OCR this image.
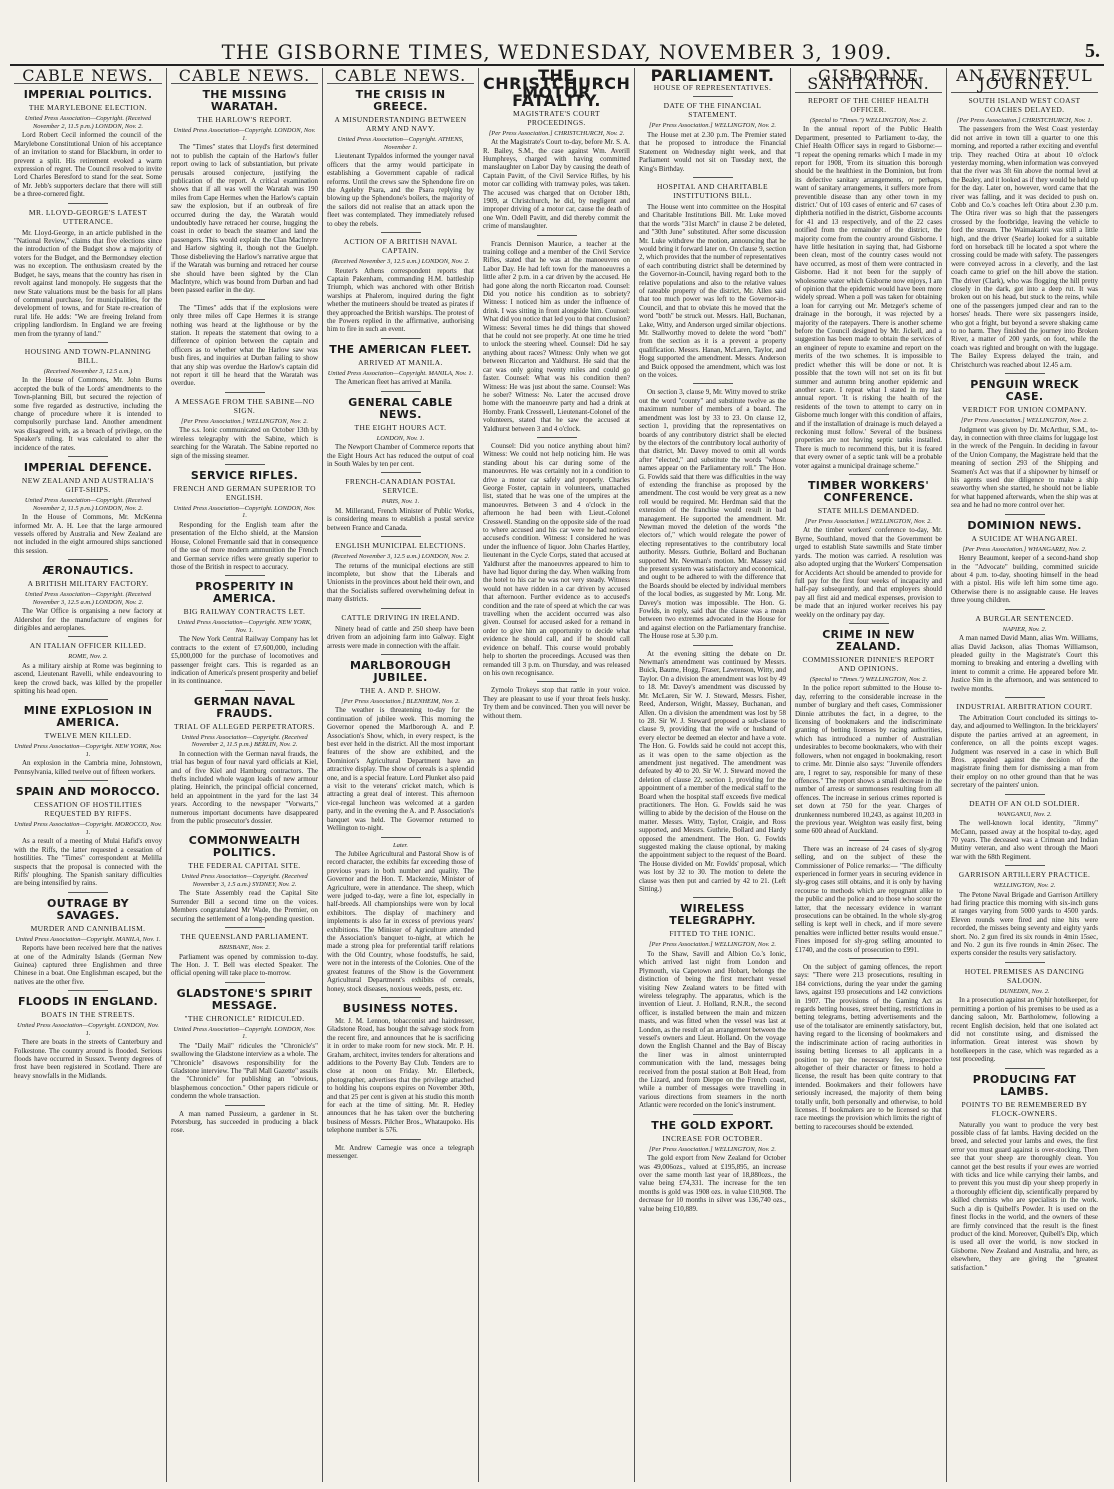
THE GISBORNE TIMES, WEDNESDAY, NOVEMBER 3, 1909.	5.
CABLE NEWS.
IMPERIAL POLITICS.
THE MARYLEBONE ELECTION.
United Press Association—Copyright. (Received November 2, 11.5 p.m.) LONDON, Nov. 2.
Lord Robert Cecil informed the council of the Marylebone Constitutional Union of his acceptance of an invitation to stand for Blackburn, in order to prevent a split. His retirement evoked a warm expression of regret. The Council resolved to invite Lord Charles Beresford to stand for the seat. Some of Mr. Jebb's supporters declare that there will still be a three-cornered fight.
MR. LLOYD-GEORGE'S LATEST UTTERANCE.
Mr. Lloyd-George, in an article published in the "National Review," claims that five elections since the introduction of the Budget show a majority of voters for the Budget, and the Bermondsey election was no exception. The enthusiasm created by the Budget, he says, means that the country has risen in revolt against land monopoly. He suggests that the new State valuations must be the basis for all plans of communal purchase, for municipalities, for the development of towns, and for State re-creation of rural life. He adds: "We are freeing Ireland from crippling landlordism. In England we are freeing men from the tyranny of land."
HOUSING AND TOWN-PLANNING BILL.
(Received November 3, 12.5 a.m.)
In the House of Commons, Mr. John Burns accepted the bulk of the Lords' amendments to the Town-planning Bill, but secured the rejection of some five regarded as destructive, including the change of procedure where it is intended to compulsorily purchase land. Another amendment was disagreed with, as a breach of privilege, on the Speaker's ruling. It was calculated to alter the incidence of the rates.
IMPERIAL DEFENCE.
NEW ZEALAND AND AUSTRALIA'S GIFT-SHIPS.
United Press Association—Copyright. (Received November 2, 11.5 p.m.) LONDON, Nov. 2.
In the House of Commons, Mr. McKenna informed Mr. A. H. Lee that the large armoured vessels offered by Australia and New Zealand are not included in the eight armoured ships sanctioned this session.
ÆRONAUTICS.
A BRITISH MILITARY FACTORY.
United Press Association—Copyright. (Received November 3, 12.5 a.m.) LONDON, Nov. 2.
The War Office is organising a new factory at Aldershot for the manufacture of engines for dirigibles and aeroplanes.
AN ITALIAN OFFICER KILLED.
ROME, Nov. 2.
As a military airship at Rome was beginning to ascend, Lieutenant Ravelli, while endeavouring to keep the crowd back, was killed by the propeller spitting his head open.
MINE EXPLOSION IN AMERICA.
TWELVE MEN KILLED.
United Press Association—Copyright. NEW YORK, Nov. 1.
An explosion in the Cambria mine, Johnstown, Pennsylvania, killed twelve out of fifteen workers.
SPAIN AND MOROCCO.
CESSATION OF HOSTILITIES REQUESTED BY RIFFS.
United Press Association—Copyright. MOROCCO, Nov. 1.
As a result of a meeting of Mulai Hafid's envoy with the Riffs, the latter requested a cessation of hostilities. The "Times" correspondent at Melilla suspects that the proposal is connected with the Riffs' ploughing. The Spanish sanitary difficulties are being intensified by rains.
OUTRAGE BY SAVAGES.
MURDER AND CANNIBALISM.
United Press Association—Copyright. MANILA, Nov. 1.
Reports have been received here that the natives at one of the Admiralty Islands (German New Guinea) captured three Englishmen and three Chinese in a boat. One Englishman escaped, but the natives ate the other five.
FLOODS IN ENGLAND.
BOATS IN THE STREETS.
United Press Association—Copyright. LONDON, Nov. 1.
There are boats in the streets of Canterbury and Folkestone. The country around is flooded. Serious floods have occurred in Sussex. Twenty degrees of frost have been registered in Scotland. There are heavy snowfalls in the Midlands.
CABLE NEWS.
THE MISSING WARATAH.
THE HARLOW'S REPORT.
United Press Association—Copyright. LONDON, Nov. 1.
The "Times" states that Lloyd's first determined not to publish the captain of the Harlow's fuller report owing to lack of substantiation, but private perusals aroused conjecture, justifying the publication of the report. A critical examination shows that if all was well the Waratah was 190 miles from Cape Hermes when the Harlow's captain saw the explosion, but if an outbreak of fire occurred during the day, the Waratah would undoubtedly have retraced her course, hugging the coast in order to beach the steamer and land the passengers. This would explain the Clan MacIntyre and Harlow sighting it, though not the Guelph. Those disbelieving the Harlow's narrative argue that if the Waratah was burning and retraced her course she should have been sighted by the Clan MacIntyre, which was bound from Durban and had been passed earlier in the day.
The "Times" adds that if the explosions were only three miles off Cape Hermes it is strange nothing was heard at the lighthouse or by the station. It repeats the statement that owing to a difference of opinion between the captain and officers as to whether what the Harlow saw was bush fires, and inquiries at Durban failing to show that any ship was overdue the Harlow's captain did not report it till he heard that the Waratah was overdue.
A MESSAGE FROM THE SABINE—NO SIGN.
[Per Press Association.] WELLINGTON, Nov. 2.
The s.s. Ionic communicated on October 13th by wireless telegraphy with the Sabine, which is searching for the Waratah. The Sabine reported no sign of the missing steamer.
SERVICE RIFLES.
FRENCH AND GERMAN SUPERIOR TO ENGLISH.
United Press Association—Copyright. LONDON, Nov. 1.
Responding for the English team after the presentation of the Elcho shield, at the Mansion House, Colonel Fremantle said that in consequence of the use of more modern ammunition the French and German service rifles were greatly superior to those of the British in respect to accuracy.
PROSPERITY IN AMERICA.
BIG RAILWAY CONTRACTS LET.
United Press Association—Copyright. NEW YORK, Nov. 1.
The New York Central Railway Company has let contracts to the extent of £7,600,000, including £5,000,000 for the purchase of locomotives and passenger freight cars. This is regarded as an indication of America's present prosperity and belief in its continuance.
GERMAN NAVAL FRAUDS.
TRIAL OF ALLEGED PERPETRATORS.
United Press Association—Copyright. (Received November 2, 11.5 p.m.) BERLIN, Nov. 2.
In connection with the German naval frauds, the trial has begun of four naval yard officials at Kiel, and of five Kiel and Hamburg contractors. The thefts included whole wagon loads of new armour plating. Heinrich, the principal official concerned, held an appointment in the yard for the last 34 years. According to the newspaper "Vorwarts," numerous important documents have disappeared from the public prosecutor's dossier.
COMMONWEALTH POLITICS.
THE FEDERAL CAPITAL SITE.
United Press Association—Copyright. (Received November 3, 1.5 a.m.) SYDNEY, Nov. 2.
The State Assembly read the Capital Site Surrender Bill a second time on the voices. Members congratulated Mr Wade, the Premier, on securing the settlement of a long-pending question.
THE QUEENSLAND PARLIAMENT.
BRISBANE, Nov. 2.
Parliament was opened by commission to-day. The Hon. J. T. Bell was elected Speaker. The official opening will take place to-morrow.
GLADSTONE'S SPIRIT MESSAGE.
"THE CHRONICLE" RIDICULED.
United Press Association—Copyright. LONDON, Nov. 1.
The "Daily Mail" ridicules the "Chronicle's" swallowing the Gladstone interview as a whole. The "Chronicle" disavows responsibility for the Gladstone interview. The "Pall Mall Gazette" assails the "Chronicle" for publishing an "obvious, blasphemous concoction." Other papers ridicule or condemn the whole transaction.
A man named Pussieurn, a gardener in St. Petersburg, has succeeded in producing a black rose.
CABLE NEWS.
THE CRISIS IN GREECE.
A MISUNDERSTANDING BETWEEN ARMY AND NAVY.
United Press Association—Copyright. ATHENS, November 1.
Lieutenant Typaldos informed the younger naval officers that the army would participate in establishing a Government capable of radical reforms. Until the crews saw the Sphendone fire on the Ageleby Psara, and the Psara replying by blowing up the Sphendone's boilers, the majority of the sailors did not realise that an attack upon the fleet was contemplated. They immediately refused to obey the rebels.
ACTION OF A BRITISH NAVAL CAPTAIN.
(Received November 3, 12.5 a.m.) LONDON, Nov. 2.
Reuter's Athens correspondent reports that Captain Pakenham, commanding H.M. battleship Triumph, which was anchored with other British warships at Phalerom, inquired during the fight whether the mutineers should be treated as pirates if they approached the British warships. The protest of the Powers replied in the affirmative, authorising him to fire in such an event.
THE AMERICAN FLEET.
ARRIVED AT MANILA.
United Press Association—Copyright. MANILA, Nov. 1.
The American fleet has arrived at Manila.
GENERAL CABLE NEWS.
THE EIGHT HOURS ACT.
LONDON, Nov. 1.
The Newport Chamber of Commerce reports that the Eight Hours Act has reduced the output of coal in South Wales by ten per cent.
FRENCH-CANADIAN POSTAL SERVICE.
PARIS, Nov. 1.
M. Millerand, French Minister of Public Works, is considering means to establish a postal service between France and Canada.
ENGLISH MUNICIPAL ELECTIONS.
(Received November 3, 12.5 a.m.) LONDON, Nov. 2.
The returns of the municipal elections are still incomplete, but show that the Liberals and Unionists in the provinces about held their own, and that the Socialists suffered overwhelming defeat in many districts.
CATTLE DRIVING IN IRELAND.
Ninety head of cattle and 250 sheep have been driven from an adjoining farm into Galway. Eight arrests were made in connection with the affair.
MARLBOROUGH JUBILEE.
THE A. AND P. SHOW.
[Per Press Association.] BLENHEIM, Nov. 2.
The weather is threatening to-day for the continuation of jubilee week. This morning the Governor opened the Marlborough A. and P. Association's Show, which, in every respect, is the best ever held in the district. All the most important features of the show are exhibited, and the Dominion's Agricultural Department have an attractive display. The show of cereals is a splendid one, and is a special feature. Lord Plunket also paid a visit to the veterans' cricket match, which is attracting a great deal of interest. This afternoon vice-regal luncheon was welcomed at a garden party, and in the evening the A. and P. Association's banquet was held. The Governor returned to Wellington to-night.
Later.
The Jubilee Agricultural and Pastoral Show is of record character, the exhibits far exceeding those of previous years in both number and quality. The Governor and the Hon. T. Mackenzie, Minister of Agriculture, were in attendance. The sheep, which were judged to-day, were a fine lot, especially in half-breeds. All championships were won by local exhibitors. The display of machinery and implements is also far in excess of previous years' exhibitions. The Minister of Agriculture attended the Association's banquet to-night, at which he made a strong plea for preferential tariff relations with the Old Country, whose foodstuffs, he said, were not in the interests of the Colonies. One of the greatest features of the Show is the Government Agricultural Department's exhibits of cereals, honey, stock diseases, noxious weeds, pests, etc.
BUSINESS NOTES.
Mr. J. M. Lennon, tobacconist and hairdresser, Gladstone Road, has bought the salvage stock from the recent fire, and announces that he is sacrificing it in order to make room for new stock. Mr. P. H. Graham, architect, invites tenders for alterations and additions to the Poverty Bay Club. Tenders are to close at noon on Friday. Mr. Ellerbeck, photographer, advertises that the privilege attached to holding his coupons expires on November 30th, and that 25 per cent is given at his studio this month for each at the time of sitting. Mr. R. Hedley announces that he has taken over the butchering business of Messrs. Pilcher Bros., Whataupoko. His telephone number is 576.
Mr. Andrew Carnegie was once a telegraph messenger.
THE CHRISTCHURCH MOTOR FATALITY.
MAGISTRATE'S COURT PROCEEDINGS.
[Per Press Association.] CHRISTCHURCH, Nov. 2.
At the Magistrate's Court to-day, before Mr. S. A. R. Bailey, S.M., the case against Wm. Averill Humphreys, charged with having committed manslaughter on Labor Day by causing the death of Captain Pavitt, of the Civil Service Rifles, by his motor car colliding with tramway poles, was taken. The accused was charged that on October 18th, 1909, at Christchurch, he did, by negligent and improper driving of a motor car, cause the death of one Wm. Odell Pavitt, and did thereby commit the crime of manslaughter.
Francis Dennison Maurice, a teacher at the training college and a member of the Civil Service Rifles, stated that he was at the manoeuvres on Labor Day. He had left town for the manoeuvres a little after 2 p.m. in a car driven by the accused. He had gone along the north Riccarton road. Counsel: Did you notice his condition as to sobriety? Witness: I noticed him as under the influence of drink. I was sitting in front alongside him. Counsel: What did you notice that led you to that conclusion? Witness: Several times he did things that showed that he could not see properly. At one time he tried to unlock the steering wheel. Counsel: Did he say anything about races? Witness: Only when we got between Riccarton and Yaldhurst. He said that the car was only going twenty miles and could go faster. Counsel: What was his condition then? Witness: He was just about the same. Counsel: Was he sober? Witness: No. Later the accused drove home with the manoeuvre party and had a drink at Hornby. Frank Cresswell, Lieutenant-Colonel of the volunteers, stated that he saw the accused at Yaldhurst between 3 and 4 o'clock.
Counsel: Did you notice anything about him? Witness: We could not help noticing him. He was standing about his car during some of the manoeuvres. He was certainly not in a condition to drive a motor car safely and properly. Charles George Foster, captain in volunteers, unattached list, stated that he was one of the umpires at the manoeuvres. Between 3 and 4 o'clock in the afternoon he had been with Lieut.-Colonel Cresswell. Standing on the opposite side of the road to where accused and his car were he had noticed accused's condition. Witness: I considered he was under the influence of liquor. John Charles Hartley, lieutenant in the Cycle Corps, stated that accused at Yaldhurst after the manoeuvres appeared to him to have had liquor during the day. When walking from the hotel to his car he was not very steady. Witness would not have ridden in a car driven by accused that afternoon. Further evidence as to accused's condition and the rate of speed at which the car was travelling when the accident occurred was also given. Counsel for accused asked for a remand in order to give him an opportunity to decide what evidence he should call, and if he should call evidence on behalf. This course would probably help to shorten the proceedings. Accused was then remanded till 3 p.m. on Thursday, and was released on his own recognisance.
Zymolo Trokeys stop that rattle in your voice. They are pleasant to use if your throat feels husky. Try them and be convinced. Then you will never be without them.
PARLIAMENT.
HOUSE OF REPRESENTATIVES.
DATE OF THE FINANCIAL STATEMENT.
[Per Press Association.] WELLINGTON, Nov. 2.
The House met at 2.30 p.m. The Premier stated that he proposed to introduce the Financial Statement on Wednesday night week, and that Parliament would not sit on Tuesday next, the King's Birthday.
HOSPITAL AND CHARITABLE INSTITUTIONS BILL.
The House went into committee on the Hospital and Charitable Institutions Bill. Mr. Luke moved that the words "31st March" in clause 2 be deleted, and "30th June" substituted. After some discussion Mr. Luke withdrew the motion, announcing that he would bring it forward later on. On clause 9, section 2, which provides that the number of representatives of each contributing district shall be determined by the Governor-in-Council, having regard both to the relative populations and also to the relative values of rateable property of the district, Mr. Allen said that too much power was left to the Governor-in-Council, and that to obviate this he moved that the word "both" be struck out. Messrs. Hall, Buchanan, Lake, Witty, and Anderson urged similar objections. Mr. Stallworthy moved to delete the word "both" from the section as it is a prevent a property qualification. Messrs. Hanan, McLaren, Taylor, and Hogg supported the amendment. Messrs. Anderson and Buick opposed the amendment, which was lost on the voices.
On section 3, clause 9, Mr. Witty moved to strike out the word "county" and substitute twelve as the maximum number of members of a board. The amendment was lost by 33 to 23. On clause 12, section 1, providing that the representatives on boards of any contributory district shall be elected by the electors of the contributory local authority of that district, Mr. Davey moved to omit all words after "elected," and substitute the words "whose names appear on the Parliamentary roll." The Hon. G. Fowlds said that there was difficulties in the way of extending the franchise as proposed by the amendment. The cost would be very great as a new roll would be required. Mr. Herdman said that the extension of the franchise would result in bad management. He supported the amendment. Mr. Newman moved the deletion of the words "the electors of," which would relegate the power of electing representatives to the contributory local authority. Messrs. Guthrie, Bollard and Buchanan supported Mr. Newman's motion. Mr. Massey said the present system was satisfactory and economical, and ought to be adhered to with the difference that the Boards should be elected by individual members of the local bodies, as suggested by Mr. Long. Mr. Davey's motion was impossible. The Hon. G. Fowlds, in reply, said that the clause was a mean between two extremes advocated in the House for and against election on the Parliamentary franchise. The House rose at 5.30 p.m.
At the evening sitting the debate on Dr. Newman's amendment was continued by Messrs. Buick, Baume, Hogg, Fraser, Lawrenson, Witty, and Taylor. On a division the amendment was lost by 49 to 18. Mr. Davey's amendment was discussed by Mr. McLaren, Sir W. J. Steward, Messrs. Fisher, Reed, Anderson, Wright, Massey, Buchanan, and Allen. On a division the amendment was lost by 58 to 28. Sir W. J. Steward proposed a sub-clause to clause 9, providing that the wife or husband of every elector be deemed an elector and have a vote. The Hon. G. Fowlds said he could not accept this, as it was open to the same objection as the amendment just negatived. The amendment was defeated by 40 to 20. Sir W. J. Steward moved the deletion of clause 22, section 1, providing for the appointment of a member of the medical staff to the Board when the hospital staff exceeds five medical practitioners. The Hon. G. Fowlds said he was willing to abide by the decision of the House on the matter. Messrs. Witty, Taylor, Craigie, and Ross supported, and Messrs. Guthrie, Bollard and Hardy opposed the amendment. The Hon. G. Fowlds suggested making the clause optional, by making the appointment subject to the request of the Board. The House divided on Mr. Fowlds' proposal, which was lost by 32 to 30. The motion to delete the clause was then put and carried by 42 to 21. (Left Sitting.)
WIRELESS TELEGRAPHY.
FITTED TO THE IONIC.
[Per Press Association.] WELLINGTON, Nov. 2.
To the Shaw, Savill and Albion Co.'s Ionic, which arrived last night from London and Plymouth, via Capetown and Hobart, belongs the distinction of being the first merchant vessel visiting New Zealand waters to be fitted with wireless telegraphy. The apparatus, which is the invention of Lieut. J. Holland, R.N.R., the second officer, is installed between the main and mizzen masts, and was fitted when the vessel was last at London, as the result of an arrangement between the vessel's owners and Lieut. Holland. On the voyage down the English Channel and the Bay of Biscay the liner was in almost uninterrupted communication with the land, messages being received from the postal station at Bolt Head, from the Lizard, and from Dieppe on the French coast, while a number of messages were travelling in various directions from steamers in the north Atlantic were recorded on the Ionic's instrument.
THE GOLD EXPORT.
INCREASE FOR OCTOBER.
[Per Press Association.] WELLINGTON, Nov. 2.
The gold export from New Zealand for October was 49,006ozs., valued at £195,895, an increase over the same month last year of 18,880ozs., the value being £74,331. The increase for the ten months is gold was 1908 ozs. in value £10,908. The decrease for 10 months in silver was 136,740 ozs., value being £10,889.
GISBORNE SANITATION.
REPORT OF THE CHIEF HEALTH OFFICER.
(Special to "Times.") WELLINGTON, Nov. 2.
In the annual report of the Public Health Department, presented to Parliament to-day, the Chief Health Officer says in regard to Gisborne:— "I repeat the opening remarks which I made in my report for 1908, 'From its situation this borough should be the healthiest in the Dominion, but from its defective sanitary arrangements, or perhaps, want of sanitary arrangements, it suffers more from preventible disease than any other town in my district.' Out of 103 cases of enteric and 67 cases of diphtheria notified in the district, Gisborne accounts for 41 and 13 respectively, and of the 22 cases notified from the remainder of the district, the majority come from the country around Gisborne. I have little hesitation in saying that, had Gisborne been clean, most of the country cases would not have occurred, as most of them were contracted in Gisborne. Had it not been for the supply of wholesome water which Gisborne now enjoys, I am of opinion that the epidemic would have been more widely spread. When a poll was taken for obtaining a loan for carrying out Mr. Metzger's scheme of drainage in the borough, it was rejected by a majority of the ratepayers. There is another scheme before the Council designed by Mr. Jickell, and a suggestion has been made to obtain the services of an engineer of repute to examine and report on the merits of the two schemes. It is impossible to predict whether this will be done or not. It is possible that the town will not set on its fit but summer and autumn bring another epidemic and another scare. I repeat what I stated in my last annual report. 'It is risking the health of the residents of the town to attempt to carry on in Gisborne much longer with this condition of affairs, and if the installation of drainage is much delayed a reckoning must follow.' Several of the business properties are not having septic tanks installed. There is much to recommend this, but it is feared that every owner of a septic tank will be a probable voter against a municipal drainage scheme."
TIMBER WORKERS' CONFERENCE.
STATE MILLS DEMANDED.
[Per Press Association.] WELLINGTON, Nov. 2.
At the timber workers' conference to-day, Mr. Byrne, Southland, moved that the Government be urged to establish State sawmills and State timber yards. The motion was carried. A resolution was also adopted urging that the Workers' Compensation for Accidents Act should be amended to provide for full pay for the first four weeks of incapacity and half-pay subsequently, and that employers should pay all first aid and medical expenses, provision to be made that an injured worker receives his pay weekly on the ordinary pay day.
CRIME IN NEW ZEALAND.
COMMISSIONER DINNIE'S REPORT AND OPINIONS.
(Special to "Times.") WELLINGTON, Nov. 2.
In the police report submitted to the House to-day, referring to the considerable increase in the number of burglary and theft cases, Commissioner Dinnie attributes the fact, in a degree, to the licensing of bookmakers and the indiscriminate granting of betting licenses by racing authorities, which has introduced a number of Australian undesirables to become bookmakers, who with their followers, when not engaged in bookmaking, resort to crime. Mr. Dinnie also says: "Juvenile offenders are, I regret to say, responsible for many of these offences." The report shows a small decrease in the number of arrests or summonses resulting from all offences. The increase in serious crimes reported is set down at 750 for the year. Charges of drunkenness numbered 10,243, as against 10,203 in the previous year. Weighton was easily first, being some 600 ahead of Auckland.
There was an increase of 24 cases of sly-grog selling, and on the subject of these the Commissioner of Police remarks:— "The difficulty experienced in former years in securing evidence in sly-grog cases still obtains, and it is only by having recourse to methods which are repugnant alike to the public and the police and to those who scour the latter, that the necessary evidence in warrant prosecutions can be obtained. In the whole sly-grog selling is kept well in check, and if more severe penalties were inflicted better results would ensue." Fines imposed for sly-grog selling amounted to £1740, and the costs of prosecution to £991.
On the subject of gaming offences, the report says: "There were 213 prosecutions, resulting in 184 convictions, during the year under the gaming laws, against 193 prosecutions and 142 convictions in 1907. The provisions of the Gaming Act as regards betting houses, street betting, restrictions in betting telegrams, betting advertisements and the use of the totalisator are eminently satisfactory, but, having regard to the licensing of bookmakers and the indiscriminate action of racing authorities in issuing betting licenses to all applicants in a position to pay the necessary fee, irrespective altogether of their character or fitness to hold a license, the result has been quite contrary to that intended. Bookmakers and their followers have seriously increased, the majority of them being totally unfit, both personally and otherwise, to hold licenses. If bookmakers are to be licensed so that race meetings the provision which limits the right of betting to racecourses should be extended.
AN EVENTFUL JOURNEY.
SOUTH ISLAND WEST COAST COACHES DELAYED.
[Per Press Association.] CHRISTCHURCH, Nov. 1.
The passengers from the West Coast yesterday did not arrive in town till a quarter to one this morning, and reported a rather exciting and eventful trip. They reached Otira at about 10 o'clock yesterday morning, when information was conveyed that the river was 3ft 6in above the normal level at the Bealey, and it looked as if they would be held up for the day. Later on, however, word came that the river was falling, and it was decided to push on. Cobb and Co.'s coaches left Otira about 2.30 p.m. The Otira river was so high that the passengers crossed by the footbridge, leaving the vehicle to ford the stream. The Waimakariri was still a little high, and the driver (Searle) looked for a suitable ford on horseback till he located a spot where the crossing could be made with safety. The passengers were conveyed across in a cleverly, and the last coach came to grief on the hill above the station. The driver (Clark), who was flogging the hill pretty closely in the dark, got into a deep rut. It was broken out on his head, but stuck to the reins, while one of the passengers jumped clear and ran to the horses' heads. There were six passengers inside, who got a fright, but beyond a severe shaking came to no harm. They finished the journey into Broken River, a matter of 200 yards, on foot, while the coach was righted and brought on with the luggage. The Bailey Express delayed the train, and Christchurch was reached about 12.45 a.m.
PENGUIN WRECK CASE.
VERDICT FOR UNION COMPANY.
[Per Press Association.] WELLINGTON, Nov. 2.
Judgment was given by Dr. McArthur, S.M., to-day, in connection with three claims for luggage lost in the wreck of the Penguin. In deciding in favour of the Union Company, the Magistrate held that the meaning of section 293 of the Shipping and Seamen's Act was that if a shipowner by himself or his agents used due diligence to make a ship seaworthy when she started, he should not be liable for what happened afterwards, when the ship was at sea and he had no more control over her.
DOMINION NEWS.
A SUICIDE AT WHANGAREI.
[Per Press Association.] WHANGAREI, Nov. 2.
Henry Beaumont, keeper of a second-hand shop in the "Advocate" building, committed suicide about 4 p.m. to-day, shooting himself in the head with a pistol. His wife left him some time ago. Otherwise there is no assignable cause. He leaves three young children.
A BURGLAR SENTENCED.
NAPIER, Nov. 2.
A man named David Mann, alias Wm. Williams, alias David Jackson, alias Thomas Williamson, pleaded guilty in the Magistrate's Court this morning to breaking and entering a dwelling with intent to commit a crime. He appeared before Mr. Justice Sim in the afternoon, and was sentenced to twelve months.
INDUSTRIAL ARBITRATION COURT.
The Arbitration Court concluded its sittings to-day, and adjourned to Wellington. In the bricklayers' dispute the parties arrived at an agreement, in conference, on all the points except wages. Judgment was reserved in a case in which Bull Bros. appealed against the decision of the magistrate fining them for dismissing a man from their employ on no other ground than that he was secretary of the painters' union.
DEATH OF AN OLD SOLDIER.
WANGANUI, Nov. 2.
The well-known local identity, "Jimmy" McCann, passed away at the hospital to-day, aged 70 years. The deceased was a Crimean and Indian Mutiny veteran, and also went through the Maori war with the 68th Regiment.
GARRISON ARTILLERY PRACTICE.
WELLINGTON, Nov. 2.
The Petone Naval Brigade and Garrison Artillery had firing practice this morning with six-inch guns at ranges varying from 5000 yards to 4500 yards. Eleven rounds were fired and nine hits were recorded, the misses being seventy and eighty yards short. No. 2 gun fired its six rounds in 4min 15sec, and No. 2 gun its five rounds in 4min 26sec. The experts consider the results very satisfactory.
HOTEL PREMISES AS DANCING SALOON.
DUNEDIN, Nov. 2.
In a prosecution against an Ophir hotelkeeper, for permitting a portion of his premises to be used as a dancing saloon, Mr. Bartholomew, following a recent English decision, held that one isolated act did not constitute using, and dismissed the information. Great interest was shown by hotelkeepers in the case, which was regarded as a test proceeding.
PRODUCING FAT LAMBS.
POINTS TO BE REMEMBERED BY FLOCK-OWNERS.
Naturally you want to produce the very best possible class of fat lambs. Having decided on the breed, and selected your lambs and ewes, the first error you must guard against is over-stocking. Then see that your sheep are thoroughly clean. You cannot get the best results if your ewes are worried with ticks and lice while carrying their lambs, and to prevent this you must dip your sheep properly in a thoroughly efficient dip, scientifically prepared by skilled chemists who are specialists in the work. Such a dip is Quibell's Powder. It is used on the finest flocks in the world, and the owners of these are firmly convinced that the result is the finest product of the kind. Moreover, Quibell's Dip, which is used all over the world, is now stocked in Gisborne. New Zealand and Australia, and here, as elsewhere, they are giving the "greatest satisfaction."
